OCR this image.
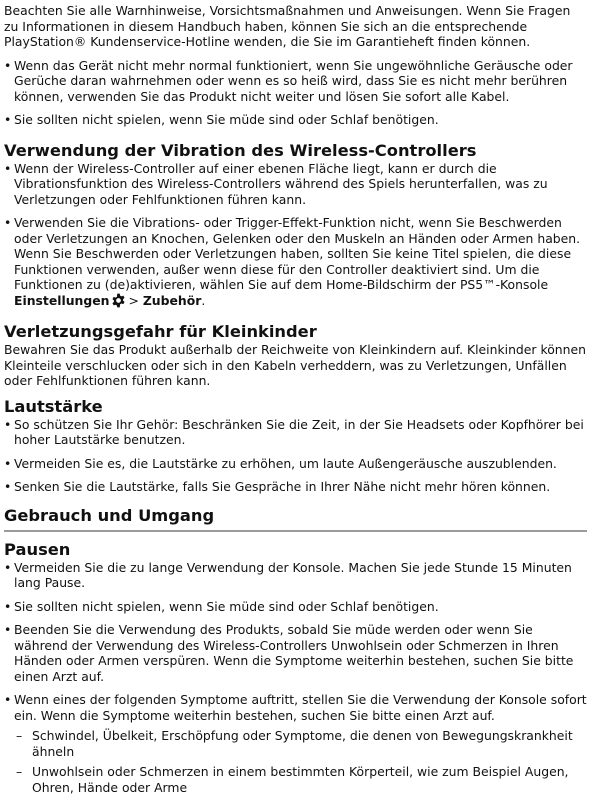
Beachten Sie alle Warnhinweise, Vorsichtsmaßnahmen und Anweisungen. Wenn Sie Fragen zu Informationen in diesem Handbuch haben, können Sie sich an die entsprechende PlayStation® Kundenservice-Hotline wenden, die Sie im Garantieheft finden können.

• Wenn das Gerät nicht mehr normal funktioniert, wenn Sie ungewöhnliche Geräusche oder Gerüche daran wahrnehmen oder wenn es so heiß wird, dass Sie es nicht mehr berühren können, verwenden Sie das Produkt nicht weiter und lösen Sie sofort alle Kabel.
• Sie sollten nicht spielen, wenn Sie müde sind oder Schlaf benötigen.
Verwendung der Vibration des Wireless-Controllers
• Wenn der Wireless-Controller auf einer ebenen Fläche liegt, kann er durch die Vibrationsfunktion des Wireless-Controllers während des Spiels herunterfallen, was zu Verletzungen oder Fehlfunktionen führen kann.
• Verwenden Sie die Vibrations- oder Trigger-Effekt-Funktion nicht, wenn Sie Beschwerden oder Verletzungen an Knochen, Gelenken oder den Muskeln an Händen oder Armen haben. Wenn Sie Beschwerden oder Verletzungen haben, sollten Sie keine Titel spielen, die diese Funktionen verwenden, außer wenn diese für den Controller deaktiviert sind. Um die Funktionen zu (de)aktivieren, wählen Sie auf dem Home-Bildschirm der PS5™-Konsole
Einstellungen > Zubehör.
Verletzungsgefahr für Kleinkinder

Bewahren Sie das Produkt außerhalb der Reichweite von Kleinkindern auf. Kleinkinder können Kleinteile verschlucken oder sich in den Kabeln verheddern, was zu Verletzungen, Unfällen oder Fehlfunktionen führen kann.

Lautstärke
• So schützen Sie Ihr Gehör: Beschränken Sie die Zeit, in der Sie Headsets oder Kopfhörer bei hoher Lautstärke benutzen.
• Vermeiden Sie es, die Lautstärke zu erhöhen, um laute Außengeräusche auszublenden.
• Senken Sie die Lautstärke, falls Sie Gespräche in Ihrer Nähe nicht mehr hören können.
Gebrauch und Umgang
Pausen
• Vermeiden Sie die zu lange Verwendung der Konsole. Machen Sie jede Stunde 15 Minuten lang Pause.
• Sie sollten nicht spielen, wenn Sie müde sind oder Schlaf benötigen.
• Beenden Sie die Verwendung des Produkts, sobald Sie müde werden oder wenn Sie während der Verwendung des Wireless-Controllers Unwohlsein oder Schmerzen in Ihren Händen oder Armen verspüren. Wenn die Symptome weiterhin bestehen, suchen Sie bitte einen Arzt auf.
• Wenn eines der folgenden Symptome auftritt, stellen Sie die Verwendung der Konsole sofort ein. Wenn die Symptome weiterhin bestehen, suchen Sie bitte einen Arzt auf.
– Schwindel, Übelkeit, Erschöpfung oder Symptome, die denen von Bewegungskrankheit ähneln
– Unwohlsein oder Schmerzen in einem bestimmten Körperteil, wie zum Beispiel Augen, Ohren, Hände oder Arme
